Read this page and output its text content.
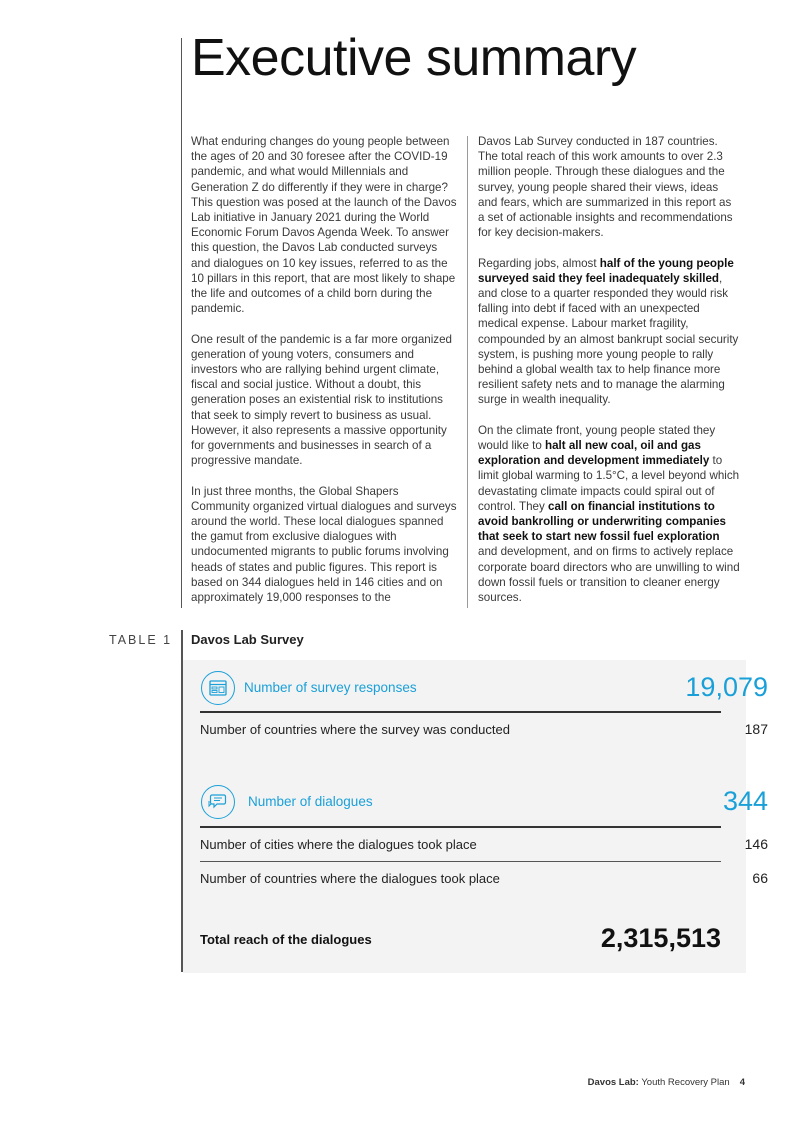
Executive summary

What enduring changes do young people between the ages of 20 and 30 foresee after the COVID-19 pandemic, and what would Millennials and Generation Z do differently if they were in charge? This question was posed at the launch of the Davos Lab initiative in January 2021 during the World Economic Forum Davos Agenda Week. To answer this question, the Davos Lab conducted surveys and dialogues on 10 key issues, referred to as the 10 pillars in this report, that are most likely to shape the life and outcomes of a child born during the pandemic.

One result of the pandemic is a far more organized generation of young voters, consumers and investors who are rallying behind urgent climate, fiscal and social justice. Without a doubt, this generation poses an existential risk to institutions that seek to simply revert to business as usual. However, it also represents a massive opportunity for governments and businesses in search of a progressive mandate.

In just three months, the Global Shapers Community organized virtual dialogues and surveys around the world. These local dialogues spanned the gamut from exclusive dialogues with undocumented migrants to public forums involving heads of states and public figures. This report is based on 344 dialogues held in 146 cities and on approximately 19,000 responses to the

Davos Lab Survey conducted in 187 countries. The total reach of this work amounts to over 2.3 million people. Through these dialogues and the survey, young people shared their views, ideas and fears, which are summarized in this report as a set of actionable insights and recommendations for key decision-makers.

Regarding jobs, almost half of the young people surveyed said they feel inadequately skilled, and close to a quarter responded they would risk falling into debt if faced with an unexpected medical expense. Labour market fragility, compounded by an almost bankrupt social security system, is pushing more young people to rally behind a global wealth tax to help finance more resilient safety nets and to manage the alarming surge in wealth inequality.

On the climate front, young people stated they would like to halt all new coal, oil and gas exploration and development immediately to limit global warming to 1.5°C, a level beyond which devastating climate impacts could spiral out of control. They call on financial institutions to avoid bankrolling or underwriting companies that seek to start new fossil fuel exploration and development, and on firms to actively replace corporate board directors who are unwilling to wind down fossil fuels or transition to cleaner energy sources.

TABLE 1 Davos Lab Survey
Number of survey responses	19,079
Number of countries where the survey was conducted	187
Number of dialogues	344
Number of cities where the dialogues took place	146
Number of countries where the dialogues took place	66
Total reach of the dialogues	2,315,513
Davos Lab: Youth Recovery Plan 4
